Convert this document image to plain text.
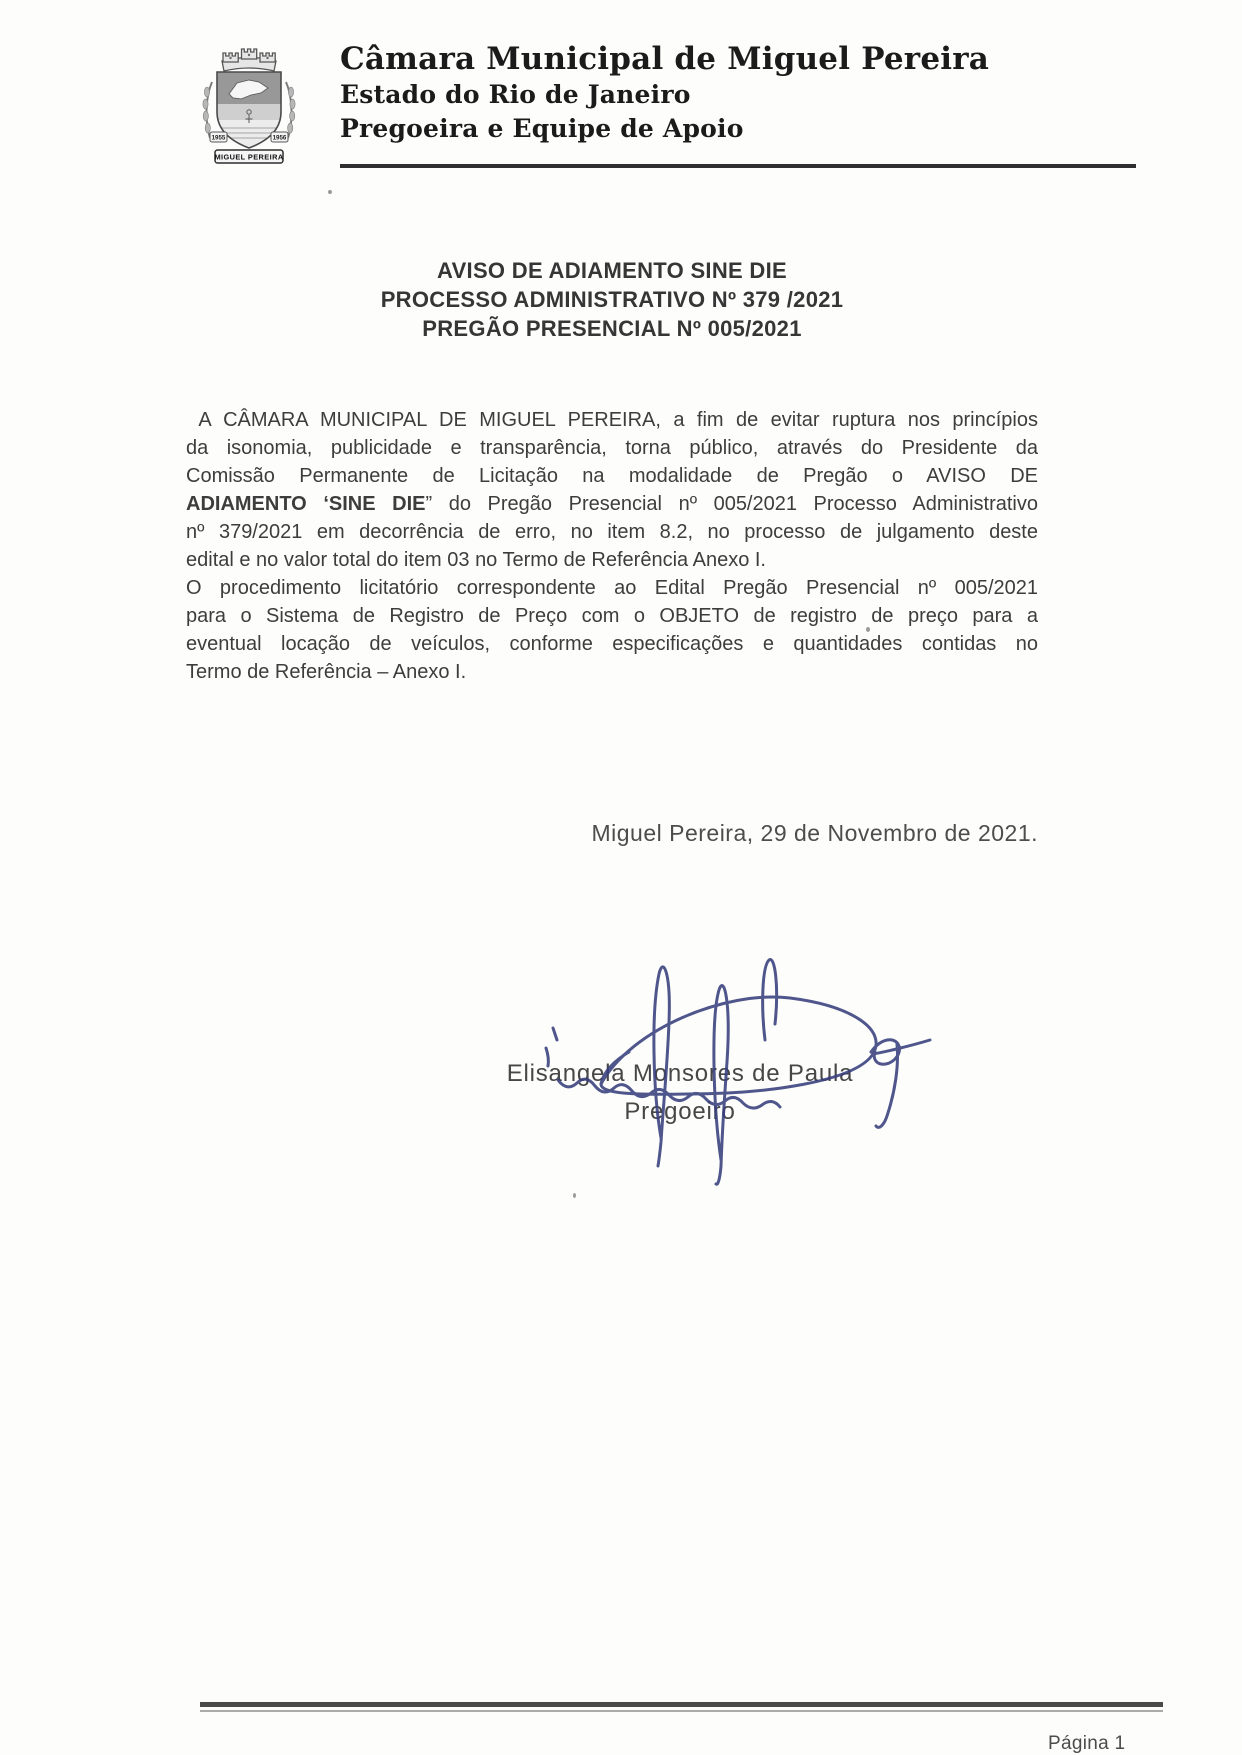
1955	1956
MIGUEL PEREIRA
Câmara Municipal de Miguel Pereira
Estado do Rio de Janeiro
Pregoeira e Equipe de Apoio
AVISO DE ADIAMENTO SINE DIE
PROCESSO ADMINISTRATIVO Nº 379 /2021
PREGÃO PRESENCIAL Nº 005/2021
A CÂMARA MUNICIPAL DE MIGUEL PEREIRA, a fim de evitar ruptura nos princípios
da isonomia, publicidade e transparência, torna público, através do Presidente da
Comissão Permanente de Licitação na modalidade de Pregão o AVISO DE
ADIAMENTO ‘SINE DIE” do Pregão Presencial nº 005/2021 Processo Administrativo
nº 379/2021 em decorrência de erro, no item 8.2, no processo de julgamento deste
edital e no valor total do item 03 no Termo de Referência Anexo I.
O procedimento licitatório correspondente ao Edital Pregão Presencial nº 005/2021
para o Sistema de Registro de Preço com o OBJETO de registro de preço para a
eventual locação de veículos, conforme especificações e quantidades contidas no
Termo de Referência – Anexo I.
Miguel Pereira, 29 de Novembro de 2021.
Elisangela Monsores de Paula
Pregoeiro
Página 1
